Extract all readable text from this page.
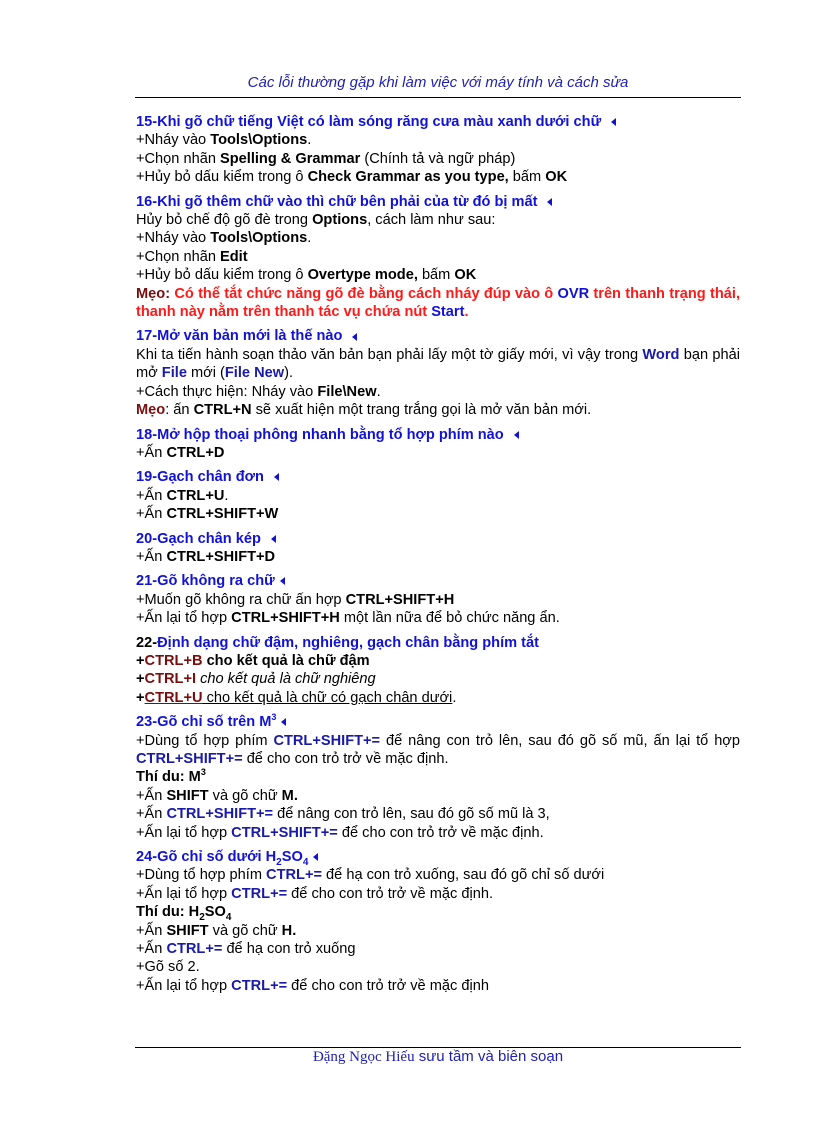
Các lỗi thường gặp khi làm việc với máy tính và cách sửa
15-Khi gõ chữ tiếng Việt có làm sóng răng cưa màu xanh dưới chữ
+Nháy vào Tools\Options.
+Chọn nhãn Spelling & Grammar (Chính tả và ngữ pháp)
+Hủy bỏ dấu kiểm trong ô Check Grammar as you type, bấm OK
16-Khi gõ thêm chữ vào thì chữ bên phải của từ đó bị mất
Hủy bỏ chế độ gõ đè trong Options, cách làm như sau:
+Nháy vào Tools\Options.
+Chọn nhãn Edit
+Hủy bỏ dấu kiểm trong ô Overtype mode, bấm OK
Mẹo: Có thể tắt chức năng gõ đè bằng cách nháy đúp vào ô OVR trên thanh trạng thái, thanh này nằm trên thanh tác vụ chứa nút Start.
17-Mở văn bản mới là thế nào
Khi ta tiến hành soạn thảo văn bản bạn phải lấy một tờ giấy mới, vì vậy trong Word bạn phải mở File mới (File New).
+Cách thực hiện: Nháy vào File\New.
Mẹo: ấn CTRL+N sẽ xuất hiện một trang trắng gọi là mở văn bản mới.
18-Mở hộp thoại phông nhanh bằng tổ hợp phím nào
+Ấn CTRL+D
19-Gạch chân đơn
+Ấn CTRL+U.
+Ấn CTRL+SHIFT+W
20-Gạch chân kép
+Ấn CTRL+SHIFT+D
21-Gõ không ra chữ
+Muốn gõ không ra chữ ấn hợp CTRL+SHIFT+H
+Ấn lại tổ hợp CTRL+SHIFT+H một lần nữa để bỏ chức năng ẩn.
22-Định dạng chữ đậm, nghiêng, gạch chân bằng phím tắt
+CTRL+B cho kết quả là chữ đậm
+CTRL+I cho kết quả là chữ nghiêng
+CTRL+U cho kết quả là chữ có gạch chân dưới.
23-Gõ chỉ số trên $M^3$
+Dùng tổ hợp phím CTRL+SHIFT+= để nâng con trỏ lên, sau đó gõ số mũ, ấn lại tổ hợp CTRL+SHIFT+= để cho con trỏ trở về mặc định.
Thí du: $M^3$
+Ấn SHIFT và gõ chữ M.
+Ấn CTRL+SHIFT+= để nâng con trỏ lên, sau đó gõ số mũ là 3,
+Ấn lại tổ hợp CTRL+SHIFT+= để cho con trỏ trở về mặc định.
24-Gõ chỉ số dưới $H_2SO_4$
+Dùng tổ hợp phím CTRL+= để hạ con trỏ xuống, sau đó gõ chỉ số dưới
+Ấn lại tổ hợp CTRL+= để cho con trỏ trở về mặc định.
Thí du: $H_2SO_4$
+Ấn SHIFT và gõ chữ H.
+Ấn CTRL+= để hạ con trỏ xuống
+Gõ số 2.
+Ấn lại tổ hợp CTRL+= để cho con trỏ trở về mặc định
Đặng Ngọc Hiếu sưu tầm và biên soạn
